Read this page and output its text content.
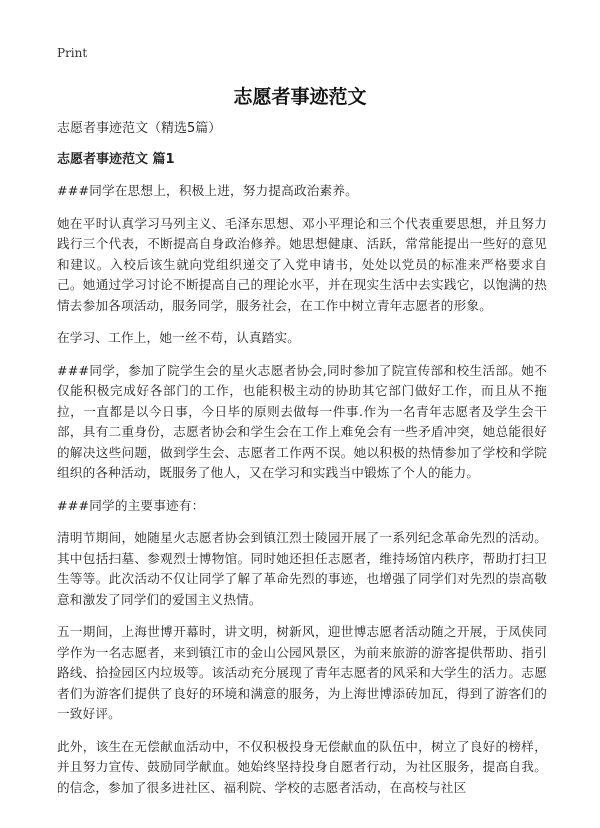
Print
志愿者事迹范文

志愿者事迹范文（精选5篇）

志愿者事迹范文 篇1

###同学在思想上，积极上进，努力提高政治素养。

她在平时认真学习马列主义、毛泽东思想、邓小平理论和三个代表重要思想，并且努力践行三个代表，不断提高自身政治修养。她思想健康、活跃，常常能提出一些好的意见和建议。入校后该生就向党组织递交了入党申请书，处处以党员的标准来严格要求自己。她通过学习讨论不断提高自己的理论水平，并在现实生活中去实践它，以饱满的热情去参加各项活动，服务同学，服务社会，在工作中树立青年志愿者的形象。

在学习、工作上，她一丝不苟，认真踏实。

###同学，参加了院学生会的星火志愿者协会,同时参加了院宣传部和校生活部。她不仅能积极完成好各部门的工作，也能积极主动的协助其它部门做好工作，而且从不拖拉，一直都是以今日事，今日毕的原则去做每一件事.作为一名青年志愿者及学生会干部，具有二重身份，志愿者协会和学生会在工作上难免会有一些矛盾冲突，她总能很好的解决这些问题，做到学生会、志愿者工作两不误。她以积极的热情参加了学校和学院组织的各种活动，既服务了他人，又在学习和实践当中锻炼了个人的能力。

###同学的主要事迹有：

清明节期间，她随星火志愿者协会到镇江烈士陵园开展了一系列纪念革命先烈的活动。其中包括扫墓、参观烈士博物馆。同时她还担任志愿者，维持场馆内秩序，帮助打扫卫生等等。此次活动不仅让同学了解了革命先烈的事迹，也增强了同学们对先烈的崇高敬意和激发了同学们的爱国主义热情。

五一期间，上海世博开幕时，讲文明，树新风，迎世博志愿者活动随之开展，于凤侠同学作为一名志愿者，来到镇江市的金山公园风景区，为前来旅游的游客提供帮助、指引路线、拾捡园区内垃圾等。该活动充分展现了青年志愿者的风采和大学生的活力。志愿者们为游客们提供了良好的环境和满意的服务，为上海世博添砖加瓦，得到了游客们的一致好评。

此外，该生在无偿献血活动中，不仅积极投身无偿献血的队伍中，树立了良好的榜样，并且努力宣传、鼓励同学献血。她始终坚持投身自愿者行动，为社区服务，提高自我。的信念，参加了很多进社区、福利院、学校的志愿者活动，在高校与社区
